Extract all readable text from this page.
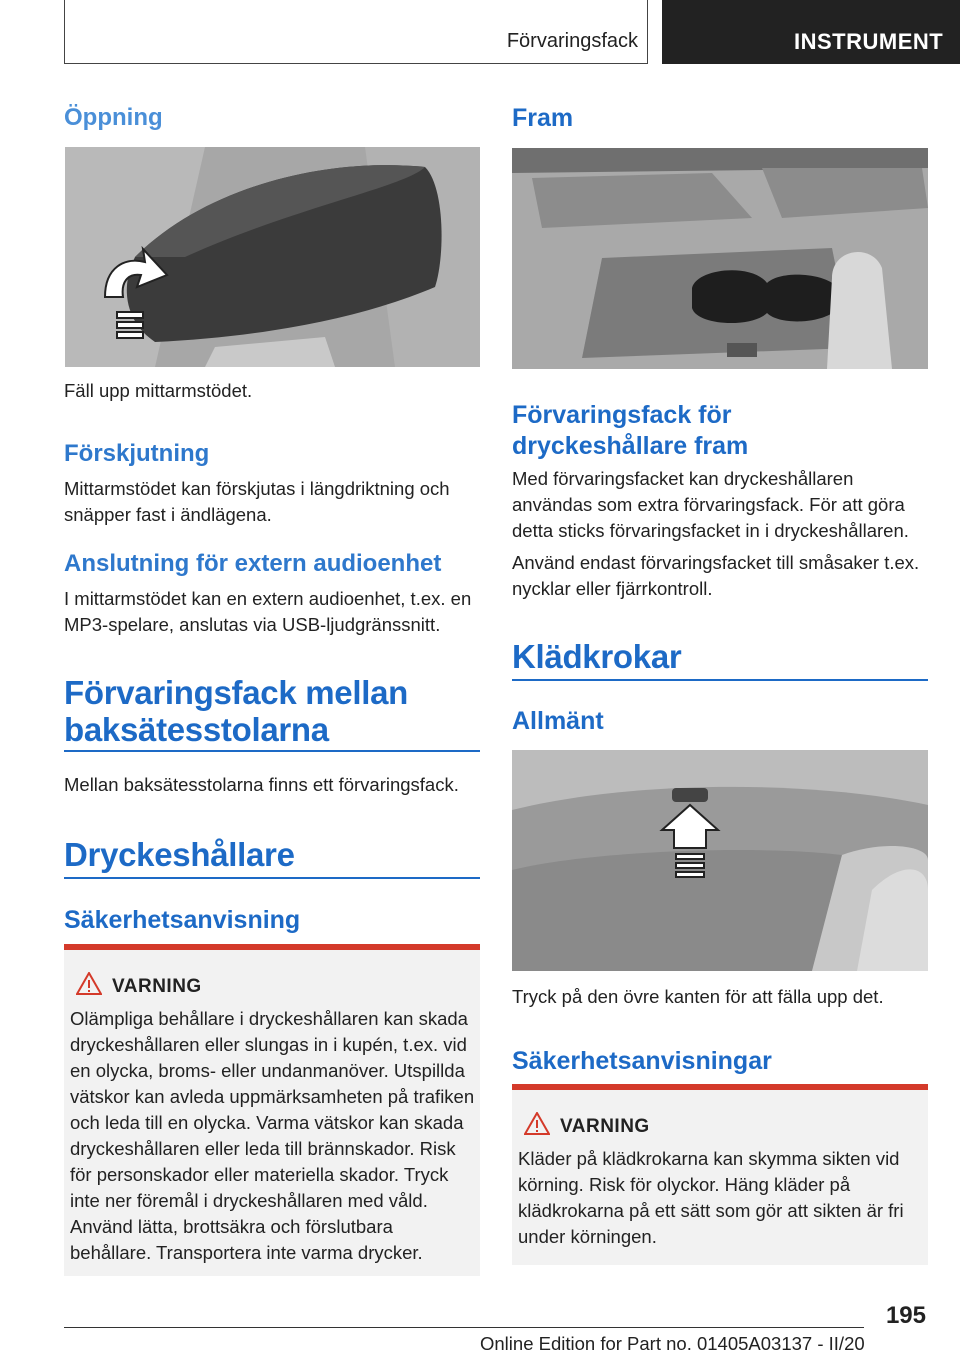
Förvaringsfack	INSTRUMENT
Öppning
Fäll upp mittarmstödet.
Förskjutning
Mittarmstödet kan förskjutas i längdriktning och snäpper fast i ändlägena.
Anslutning för extern audioenhet
I mittarmstödet kan en extern audioenhet, t.ex. en MP3-spelare, anslutas via USB-ljudgränssnitt.
Förvaringsfack mellan
baksätesstolarna
Mellan baksätesstolarna finns ett förvaringsfack.
Dryckeshållare
Säkerhetsanvisning
VARNING
Olämpliga behållare i dryckeshållaren kan skada dryckeshållaren eller slungas in i kupén, t.ex. vid en olycka, broms- eller undanmanöver. Utspillda vätskor kan avleda uppmärksamheten på trafiken och leda till en olycka. Varma vätskor kan skada dryckeshållaren eller leda till brännskador. Risk för personskador eller materiella skador. Tryck inte ner föremål i dryckeshållaren med våld. Använd lätta, brottsäkra och förslutbara behållare. Transportera inte varma drycker.
Fram
Förvaringsfack för
dryckeshållare fram
Med förvaringsfacket kan dryckeshållaren användas som extra förvaringsfack. För att göra detta sticks förvaringsfacket in i dryckeshållaren.
Använd endast förvaringsfacket till småsaker t.ex. nycklar eller fjärrkontroll.
Klädkrokar
Allmänt
Tryck på den övre kanten för att fälla upp det.
Säkerhetsanvisningar
VARNING
Kläder på klädkrokarna kan skymma sikten vid körning. Risk för olyckor. Häng kläder på klädkrokarna på ett sätt som gör att sikten är fri under körningen.
195
Online Edition for Part no. 01405A03137 - II/20
